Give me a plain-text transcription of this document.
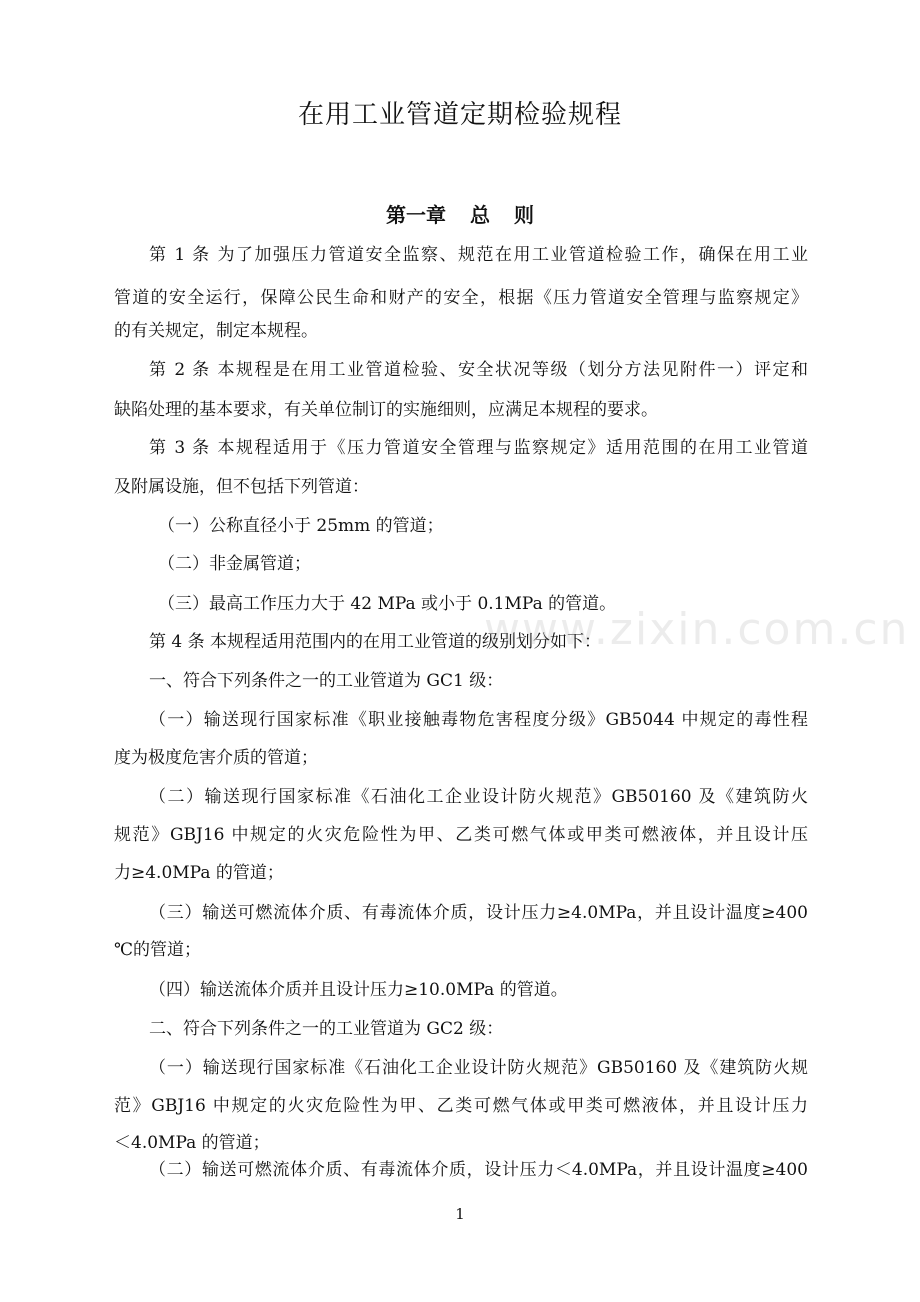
在用工业管道定期检验规程
第一章 总 则
第 1 条 为了加强压力管道安全监察、规范在用工业管道检验工作，确保在用工业
管道的安全运行，保障公民生命和财产的安全，根据《压力管道安全管理与监察规定》
的有关规定，制定本规程。
第 2 条 本规程是在用工业管道检验、安全状况等级（划分方法见附件一）评定和
缺陷处理的基本要求，有关单位制订的实施细则，应满足本规程的要求。
第 3 条 本规程适用于《压力管道安全管理与监察规定》适用范围的在用工业管道
及附属设施，但不包括下列管道：
（一）公称直径小于 25mm 的管道；
（二）非金属管道；
（三）最高工作压力大于 42 MPa 或小于 0.1MPa 的管道。
第 4 条 本规程适用范围内的在用工业管道的级别划分如下：
一、符合下列条件之一的工业管道为 GC1 级：
（一）输送现行国家标准《职业接触毒物危害程度分级》GB5044 中规定的毒性程
度为极度危害介质的管道；
（二）输送现行国家标准《石油化工企业设计防火规范》GB50160 及《建筑防火
规范》GBJ16 中规定的火灾危险性为甲、乙类可燃气体或甲类可燃液体，并且设计压
力≥4.0MPa 的管道；
（三）输送可燃流体介质、有毒流体介质，设计压力≥4.0MPa，并且设计温度≥400
℃的管道；
（四）输送流体介质并且设计压力≥10.0MPa 的管道。
二、符合下列条件之一的工业管道为 GC2 级：
（一）输送现行国家标准《石油化工企业设计防火规范》GB50160 及《建筑防火规
范》GBJ16 中规定的火灾危险性为甲、乙类可燃气体或甲类可燃液体，并且设计压力
＜4.0MPa 的管道；
（二）输送可燃流体介质、有毒流体介质，设计压力＜4.0MPa，并且设计温度≥400
www.zixin.com.cn
1
